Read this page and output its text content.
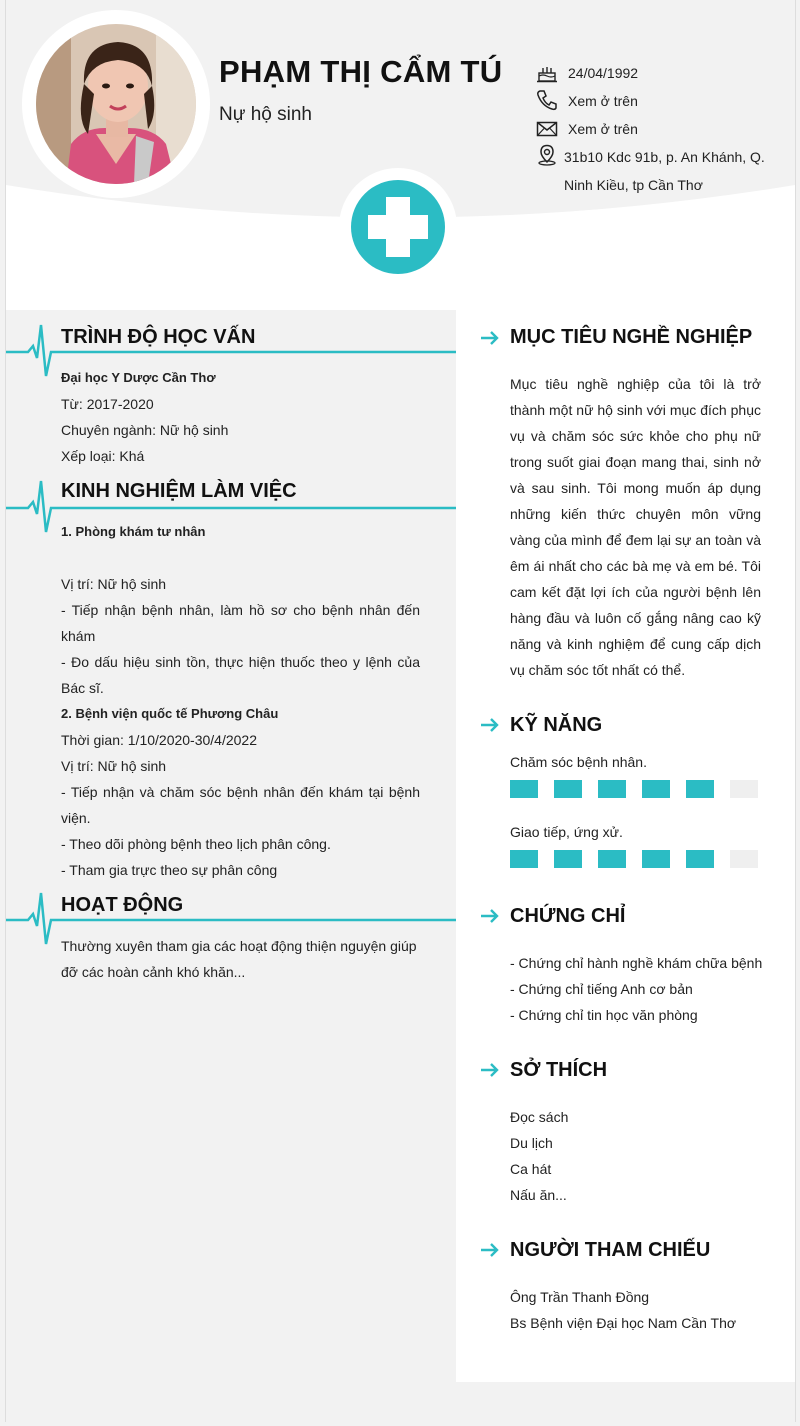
PHẠM THỊ CẨM TÚ
Nự hộ sinh
24/04/1992
Xem ở trên
Xem ở trên
31b10 Kdc 91b, p. An Khánh, Q.
Ninh Kiều, tp Cần Thơ
TRÌNH ĐỘ HỌC VẤN
Đại học Y Dược Cần Thơ
Từ: 2017-2020
Chuyên ngành: Nữ hộ sinh
Xếp loại: Khá
KINH NGHIỆM LÀM VIỆC
1. Phòng khám tư nhân
Vị trí: Nữ hộ sinh
- Tiếp nhận bệnh nhân, làm hồ sơ cho bệnh nhân đến khám
- Đo dấu hiệu sinh tồn, thực hiện thuốc theo y lệnh của Bác sĩ.
2. Bệnh viện quốc tế Phương Châu
Thời gian: 1/10/2020-30/4/2022
Vị trí: Nữ hộ sinh
- Tiếp nhận và chăm sóc bệnh nhân đến khám tại bệnh viện.
- Theo dõi phòng bệnh theo lịch phân công.
- Tham gia trực theo sự phân công
HOẠT ĐỘNG
Thường xuyên tham gia các hoạt động thiện nguyện giúp đỡ các hoàn cảnh khó khăn...
MỤC TIÊU NGHỀ NGHIỆP
Mục tiêu nghề nghiệp của tôi là trở thành một nữ hộ sinh với mục đích phục vụ và chăm sóc sức khỏe cho phụ nữ trong suốt giai đoạn mang thai, sinh nở và sau sinh. Tôi mong muốn áp dụng những kiến thức chuyên môn vững vàng của mình để đem lại sự an toàn và êm ái nhất cho các bà mẹ và em bé. Tôi cam kết đặt lợi ích của người bệnh lên hàng đầu và luôn cố gắng nâng cao kỹ năng và kinh nghiệm để cung cấp dịch vụ chăm sóc tốt nhất có thể.
KỸ NĂNG
Chăm sóc bệnh nhân.
Giao tiếp, ứng xử.
CHỨNG CHỈ
- Chứng chỉ hành nghề khám chữa bệnh
- Chứng chỉ tiếng Anh cơ bản
- Chứng chỉ tin học văn phòng
SỞ THÍCH
Đọc sách
Du lịch
Ca hát
Nấu ăn...
NGƯỜI THAM CHIẾU
Ông Trần Thanh Đồng
Bs Bệnh viện Đại học Nam Cần Thơ
